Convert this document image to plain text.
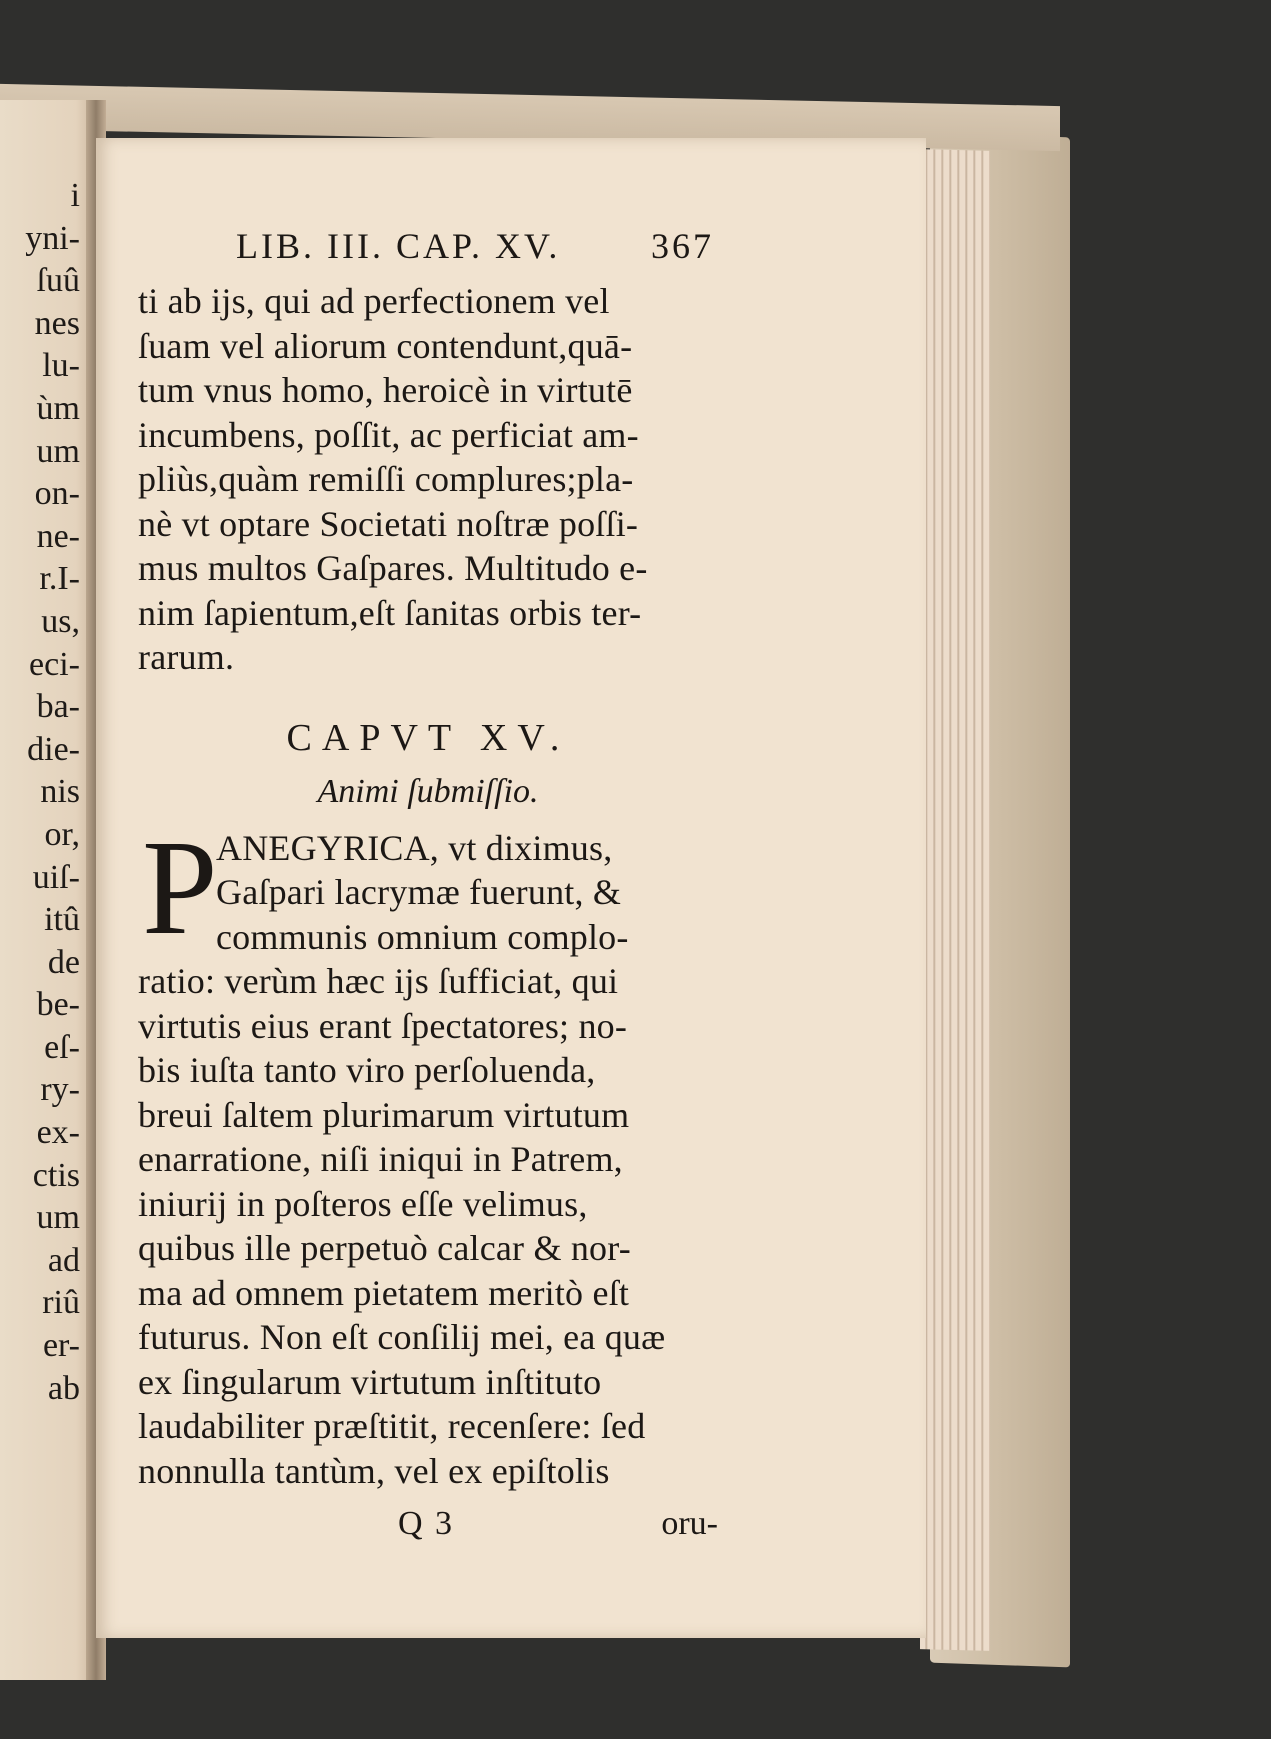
i
yni-
ſuû
nes
lu-
ùm
um
on-
ne-
r.I-
us,
eci-
ba-
die-
nis
or,
uiſ-
itû
de
be-
eſ-
ry-
ex-
ctis
um
ad
riû
er-
ab
LIB. III. CAP. XV.	367
ti ab ijs, qui ad perfectionem vel
ſuam vel aliorum contendunt,quā-
tum vnus homo, heroicè in virtutē
incumbens, poſſit, ac perficiat am-
pliùs,quàm remiſſi complures;pla-
nè vt optare Societati noſtræ poſſi-
mus multos Gaſpares. Multitudo e-
nim ſapientum,eſt ſanitas orbis ter-
rarum.
CAPVT XV.
Animi ſubmiſſio.
P
ANEGYRICA, vt diximus,
Gaſpari lacrymæ fuerunt, &
communis omnium complo-
ratio: verùm hæc ijs ſufficiat, qui
virtutis eius erant ſpectatores; no-
bis iuſta tanto viro perſoluenda,
breui ſaltem plurimarum virtutum
enarratione, niſi iniqui in Patrem,
iniurij in poſteros eſſe velimus,
quibus ille perpetuò calcar & nor-
ma ad omnem pietatem meritò eſt
futurus. Non eſt conſilij mei, ea quæ
ex ſingularum virtutum inſtituto
laudabiliter præſtitit, recenſere: ſed
nonnulla tantùm, vel ex epiſtolis
Q 3	oru-
